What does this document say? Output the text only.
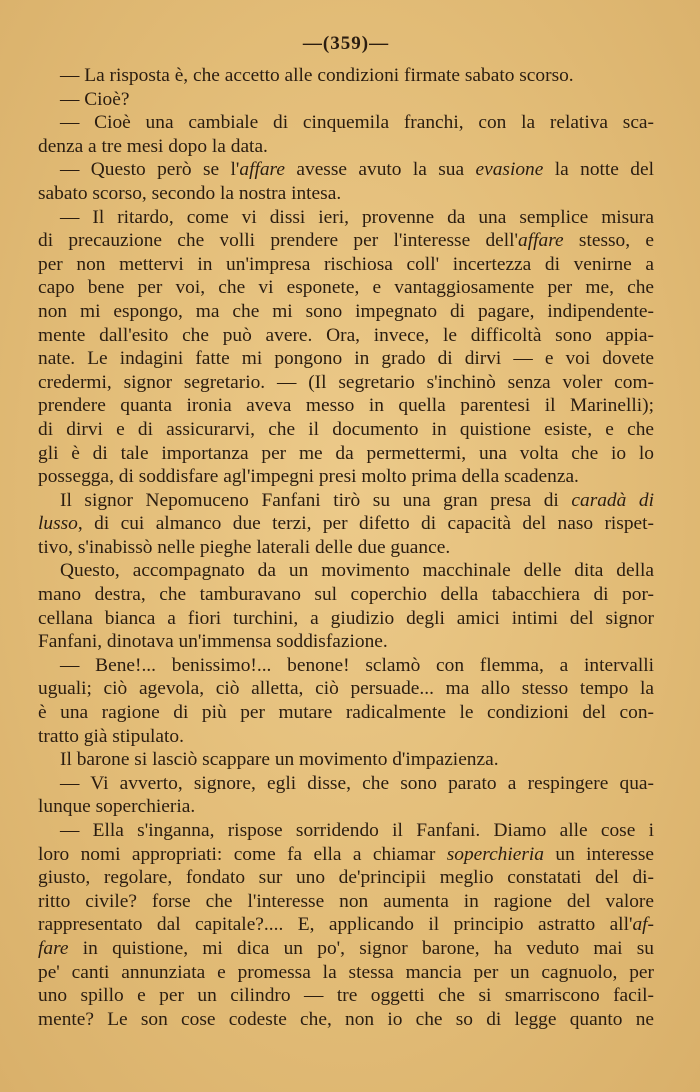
—(359)—
— La risposta è, che accetto alle condizioni firmate sabato scorso.
— Cioè?
— Cioè una cambiale di cinquemila franchi, con la relativa sca-
denza a tre mesi dopo la data.
— Questo però se l'affare avesse avuto la sua evasione la notte del
sabato scorso, secondo la nostra intesa.
— Il ritardo, come vi dissi ieri, provenne da una semplice misura
di precauzione che volli prendere per l'interesse dell'affare stesso, e
per non mettervi in un'impresa rischiosa coll' incertezza di venirne a
capo bene per voi, che vi esponete, e vantaggiosamente per me, che
non mi espongo, ma che mi sono impegnato di pagare, indipendente-
mente dall'esito che può avere. Ora, invece, le difficoltà sono appia-
nate. Le indagini fatte mi pongono in grado di dirvi — e voi dovete
credermi, signor segretario. — (Il segretario s'inchinò senza voler com-
prendere quanta ironia aveva messo in quella parentesi il Marinelli);
di dirvi e di assicurarvi, che il documento in quistione esiste, e che
gli è di tale importanza per me da permettermi, una volta che io lo
possegga, di soddisfare agl'impegni presi molto prima della scadenza.
Il signor Nepomuceno Fanfani tirò su una gran presa di caradà di
lusso, di cui almanco due terzi, per difetto di capacità del naso rispet-
tivo, s'inabissò nelle pieghe laterali delle due guance.
Questo, accompagnato da un movimento macchinale delle dita della
mano destra, che tamburavano sul coperchio della tabacchiera di por-
cellana bianca a fiori turchini, a giudizio degli amici intimi del signor
Fanfani, dinotava un'immensa soddisfazione.
— Bene!... benissimo!... benone! sclamò con flemma, a intervalli
uguali; ciò agevola, ciò alletta, ciò persuade... ma allo stesso tempo la
è una ragione di più per mutare radicalmente le condizioni del con-
tratto già stipulato.
Il barone si lasciò scappare un movimento d'impazienza.
— Vi avverto, signore, egli disse, che sono parato a respingere qua-
lunque soperchieria.
— Ella s'inganna, rispose sorridendo il Fanfani. Diamo alle cose i
loro nomi appropriati: come fa ella a chiamar soperchieria un interesse
giusto, regolare, fondato sur uno de'principii meglio constatati del di-
ritto civile? forse che l'interesse non aumenta in ragione del valore
rappresentato dal capitale?.... E, applicando il principio astratto all'af-
fare in quistione, mi dica un po', signor barone, ha veduto mai su
pe' canti annunziata e promessa la stessa mancia per un cagnuolo, per
uno spillo e per un cilindro — tre oggetti che si smarriscono facil-
mente? Le son cose codeste che, non io che so di legge quanto ne
